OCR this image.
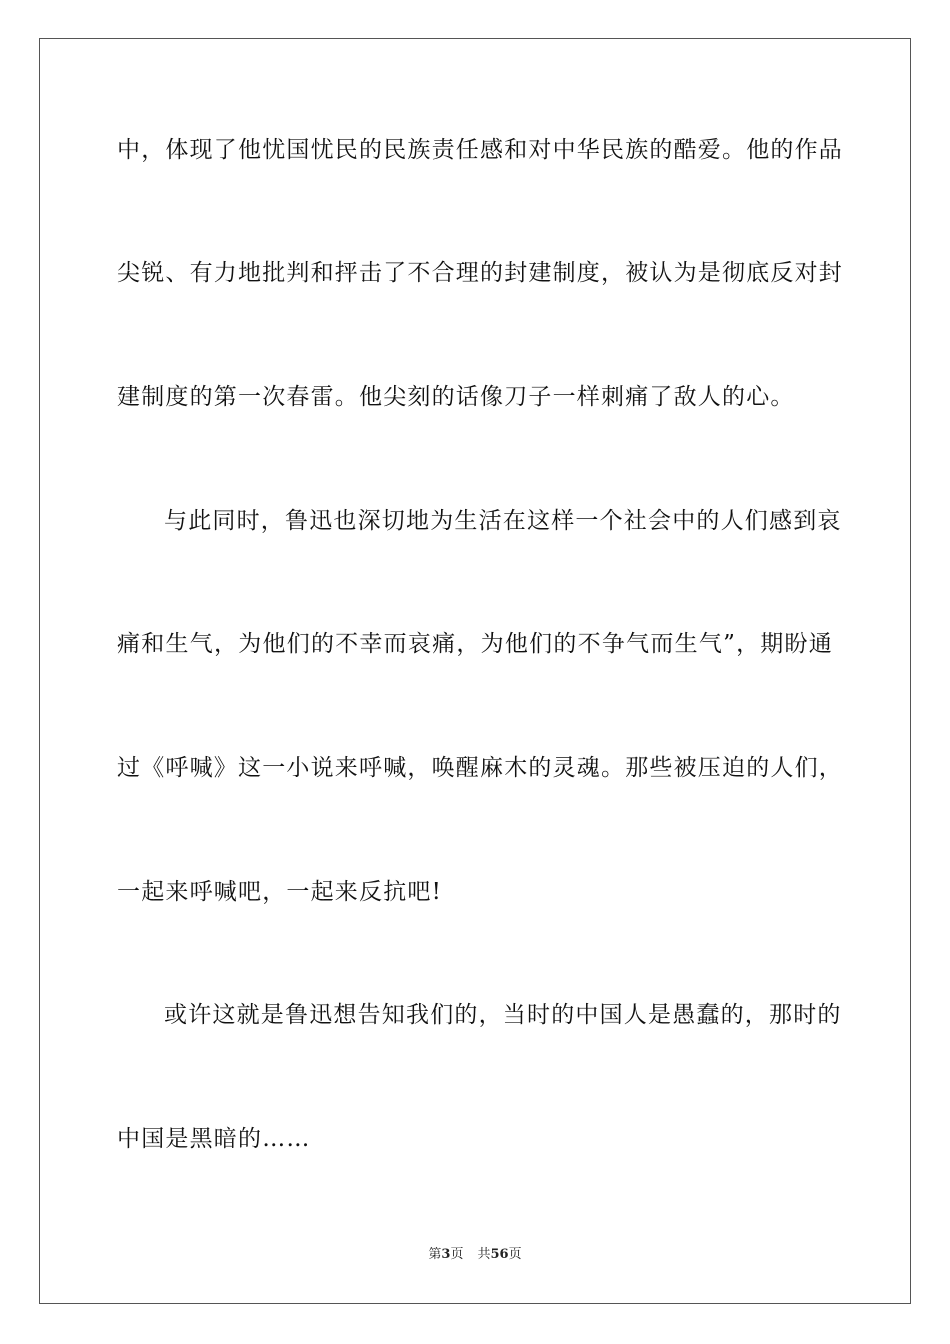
中，体现了他忧国忧民的民族责任感和对中华民族的酷爱。他的作品
尖锐、有力地批判和抨击了不合理的封建制度，被认为是彻底反对封
建制度的第一次春雷。他尖刻的话像刀子一样刺痛了敌人的心。
与此同时，鲁迅也深切地为生活在这样一个社会中的人们感到哀
痛和生气，为他们的不幸而哀痛，为他们的不争气而生气”，期盼通
过《呼喊》这一小说来呼喊，唤醒麻木的灵魂。那些被压迫的人们，
一起来呼喊吧，一起来反抗吧!
或许这就是鲁迅想告知我们的，当时的中国人是愚蠢的，那时的
中国是黑暗的……
第3页 共56页
